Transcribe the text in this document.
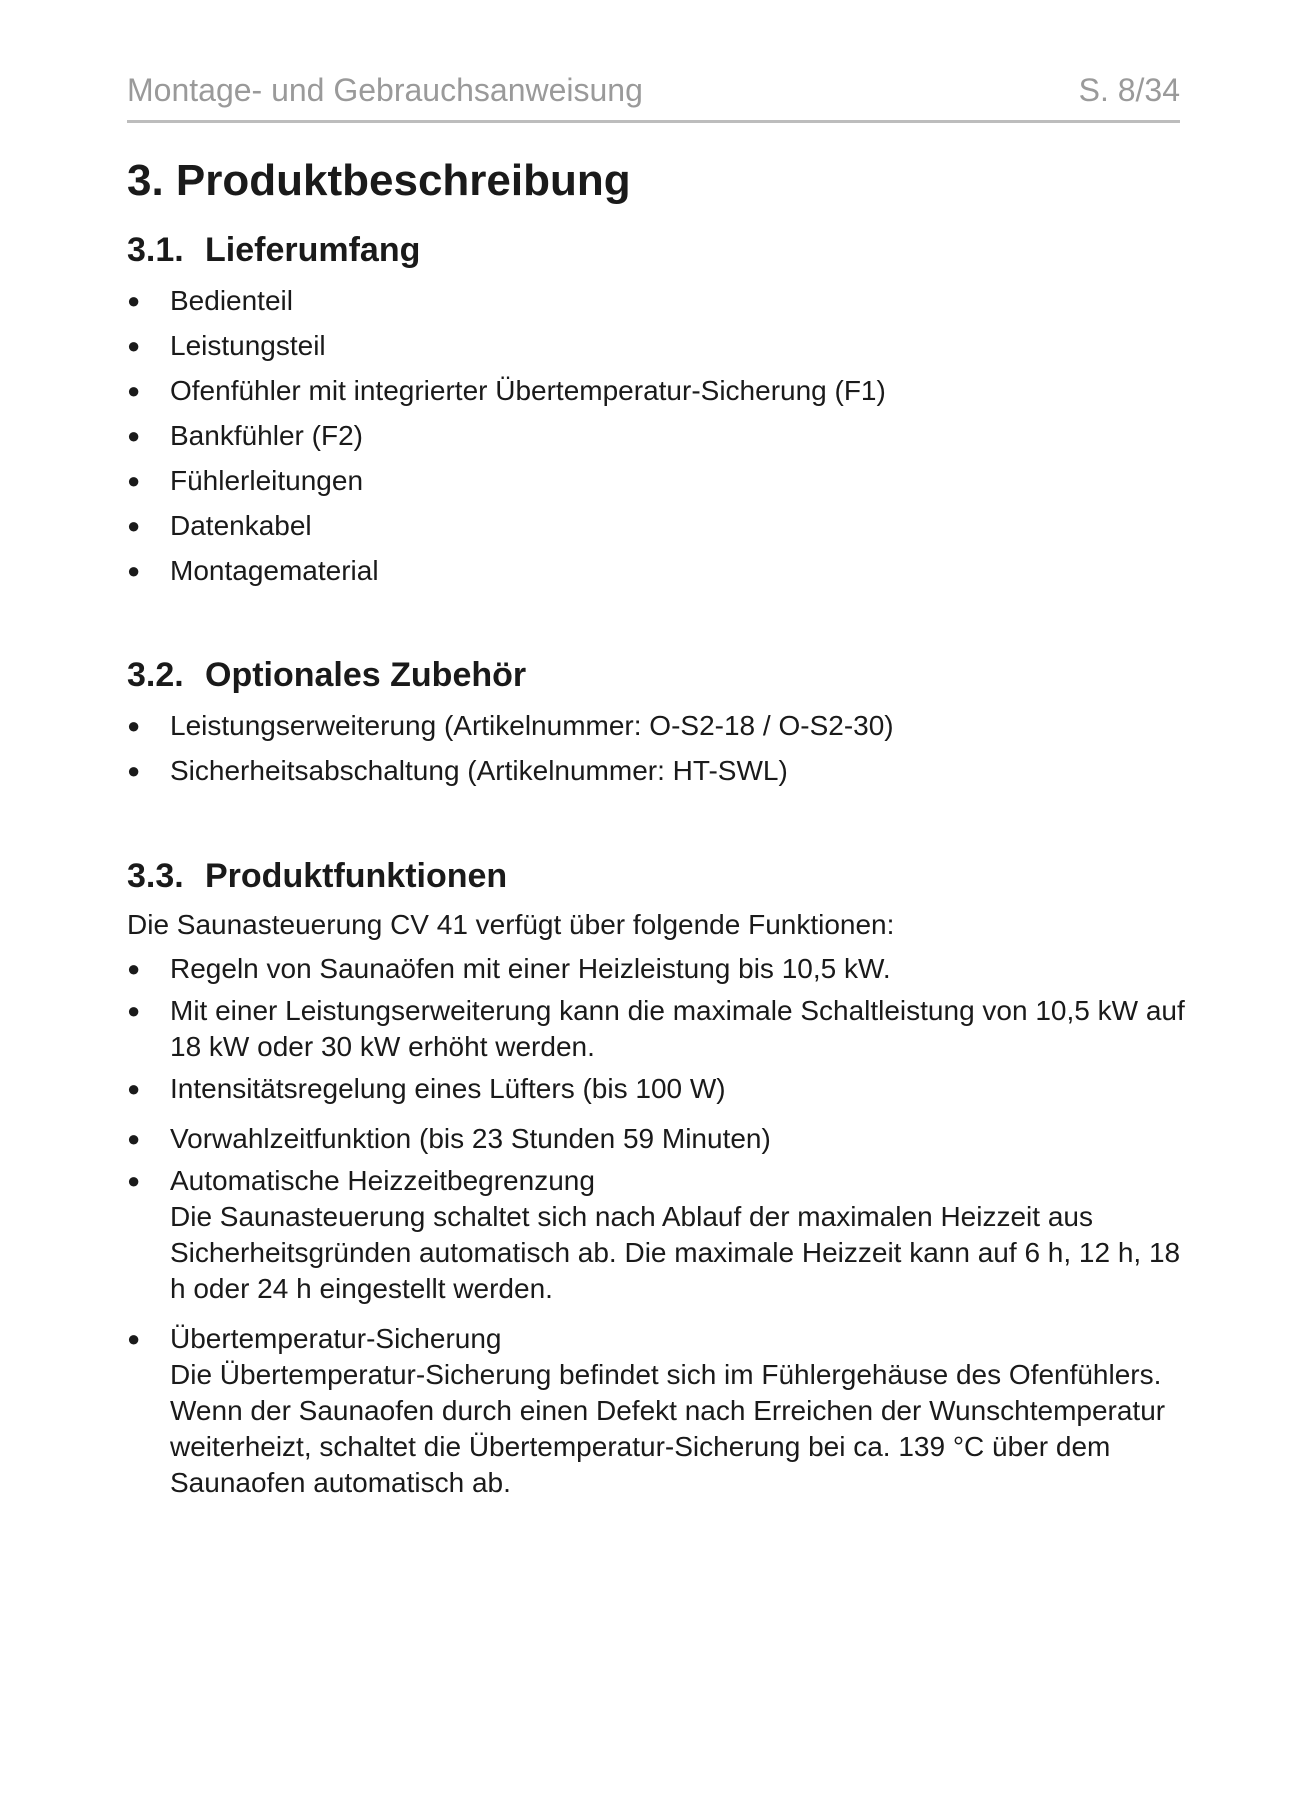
Montage- und Gebrauchsanweisung	S. 8/34
3. Produktbeschreibung
3.1. Lieferumfang
● Bedienteil
● Leistungsteil
● Ofenfühler mit integrierter Übertemperatur-Sicherung (F1)
● Bankfühler (F2)
● Fühlerleitungen
● Datenkabel
● Montagematerial
3.2. Optionales Zubehör
● Leistungserweiterung (Artikelnummer: O-S2-18 / O-S2-30)
● Sicherheitsabschaltung (Artikelnummer: HT-SWL)
3.3. Produktfunktionen

Die Saunasteuerung CV 41 verfügt über folgende Funktionen:

● Regeln von Saunaöfen mit einer Heizleistung bis 10,5 kW.
● Mit einer Leistungserweiterung kann die maximale Schaltleistung von 10,5 kW auf 18 kW oder 30 kW erhöht werden.
● Intensitätsregelung eines Lüfters (bis 100 W)
● Vorwahlzeitfunktion (bis 23 Stunden 59 Minuten)
● Automatische Heizzeitbegrenzung
Die Saunasteuerung schaltet sich nach Ablauf der maximalen Heizzeit aus Sicherheitsgründen automatisch ab. Die maximale Heizzeit kann auf 6 h, 12 h, 18 h oder 24 h eingestellt werden.
● Übertemperatur-Sicherung
Die Übertemperatur-Sicherung befindet sich im Fühlergehäuse des Ofenfühlers. Wenn der Saunaofen durch einen Defekt nach Erreichen der Wunschtemperatur weiterheizt, schaltet die Übertemperatur-Sicherung bei ca. 139 °C über dem Saunaofen automatisch ab.
